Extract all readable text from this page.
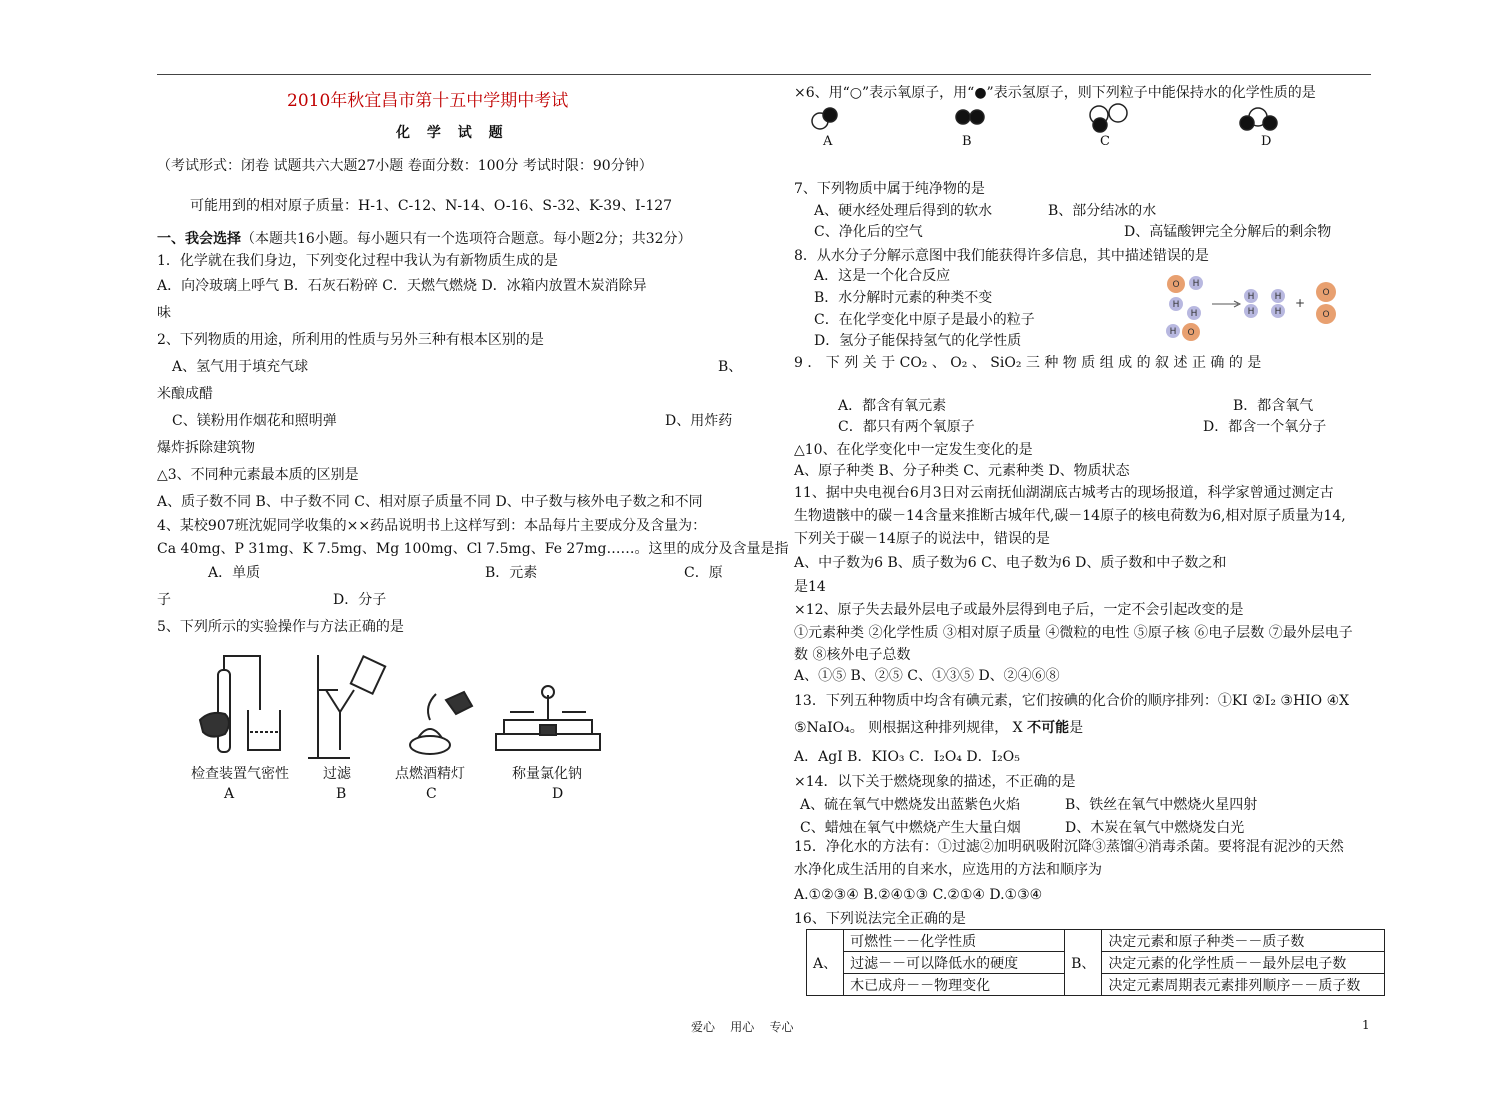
2010年秋宜昌市第十五中学期中考试
化 学 试 题
（考试形式：闭卷 试题共六大题27小题 卷面分数：100分 考试时限：90分钟）
可能用到的相对原子质量：H-1、C-12、N-14、O-16、S-32、K-39、I-127
一、我会选择（本题共16小题。每小题只有一个选项符合题意。每小题2分；共32分）
1．化学就在我们身边，下列变化过程中我认为有新物质生成的是
A．向冷玻璃上呼气 B．石灰石粉碎 C．天燃气燃烧 D．冰箱内放置木炭消除异
味
2、下列物质的用途，所利用的性质与另外三种有根本区别的是
A、氢气用于填充气球	B、
米酿成醋
C、镁粉用作烟花和照明弹	D、用炸药
爆炸拆除建筑物
△3、不同种元素最本质的区别是
A、质子数不同 B、中子数不同 C、相对原子质量不同 D、中子数与核外电子数之和不同
4、某校907班沈妮同学收集的××药品说明书上这样写到：本品每片主要成分及含量为：
Ca 40mg、P 31mg、K 7.5mg、Mg 100mg、Cl 7.5mg、Fe 27mg……。这里的成分及含量是指
A．单质	B．元素	C．原
子	D．分子
5、下列所示的实验操作与方法正确的是
检查装置气密性
A
过滤
B
点燃酒精灯
C
称量氯化钠
D
×6、用“○”表示氧原子，用“●”表示氢原子，则下列粒子中能保持水的化学性质的是
A	B	C	D
7、下列物质中属于纯净物的是
A、硬水经处理后得到的软水	B、部分结冰的水
C、净化后的空气	D、高锰酸钾完全分解后的剩余物
8．从水分子分解示意图中我们能获得许多信息，其中描述错误的是
A．这是一个化合反应
B．水分解时元素的种类不变
C．在化学变化中原子是最小的粒子
D．氢分子能保持氢气的化学性质
O H
H
H
H O
H
H
H
H
+
O
O
9 ． 下 列 关 于 CO₂ 、 O₂ 、 SiO₂ 三 种 物 质 组 成 的 叙 述 正 确 的 是
A．都含有氧元素	B．都含氧气
C．都只有两个氧原子	D．都含一个氧分子
△10、在化学变化中一定发生变化的是
A、原子种类 B、分子种类 C、元素种类 D、物质状态
11、据中央电视台6月3日对云南抚仙湖湖底古城考古的现场报道，科学家曾通过测定古
生物遗骸中的碳－14含量来推断古城年代,碳－14原子的核电荷数为6,相对原子质量为14,
下列关于碳－14原子的说法中，错误的是
A、中子数为6 B、质子数为6 C、电子数为6 D、质子数和中子数之和
是14
×12、原子失去最外层电子或最外层得到电子后，一定不会引起改变的是
①元素种类 ②化学性质 ③相对原子质量 ④微粒的电性 ⑤原子核 ⑥电子层数 ⑦最外层电子
数 ⑧核外电子总数
A、①⑤ B、②⑤ C、①③⑤ D、②④⑥⑧
13．下列五种物质中均含有碘元素，它们按碘的化合价的顺序排列：①KI ②I₂ ③HIO ④X
⑤NaIO₄。 则根据这种排列规律， X 不可能是
A．AgI B．KIO₃ C．I₂O₄ D．I₂O₅
×14．以下关于燃烧现象的描述，不正确的是
A、硫在氧气中燃烧发出蓝紫色火焰	B、铁丝在氧气中燃烧火星四射
C、蜡烛在氧气中燃烧产生大量白烟	D、木炭在氧气中燃烧发白光
15．净化水的方法有：①过滤②加明矾吸附沉降③蒸馏④消毒杀菌。要将混有泥沙的天然
水净化成生活用的自来水，应选用的方法和顺序为
A.①②③④ B.②④①③ C.②①④ D.①③④
16、下列说法完全正确的是
A、	可燃性－－化学性质	B、	决定元素和原子种类－－质子数
	过滤－－可以降低水的硬度		决定元素的化学性质－－最外层电子数
	木已成舟－－物理变化		决定元素周期表元素排列顺序－－质子数
爱心    用心    专心	1
